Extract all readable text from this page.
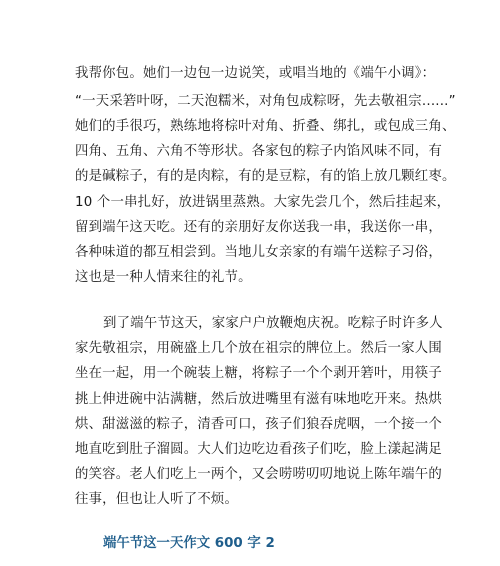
我帮你包。她们一边包一边说笑，或唱当地的《端午小调》：
“一天采箬叶呀，二天泡糯米，对角包成粽呀，先去敬祖宗......”
她们的手很巧，熟练地将棕叶对角、折叠、绑扎，或包成三角、
四角、五角、六角不等形状。各家包的粽子内馅风味不同，有
的是碱粽子，有的是肉粽，有的是豆粽，有的馅上放几颗红枣。
10 个一串扎好，放进锅里蒸熟。大家先尝几个，然后挂起来，
留到端午这天吃。还有的亲朋好友你送我一串，我送你一串，
各种味道的都互相尝到。当地儿女亲家的有端午送粽子习俗，
这也是一种人情来往的礼节。
到了端午节这天，家家户户放鞭炮庆祝。吃粽子时许多人
家先敬祖宗，用碗盛上几个放在祖宗的牌位上。然后一家人围
坐在一起，用一个碗装上糖，将粽子一个个剥开箬叶，用筷子
挑上伸进碗中沾满糖，然后放进嘴里有滋有味地吃开来。热烘
烘、甜滋滋的粽子，清香可口，孩子们狼吞虎咽，一个接一个
地直吃到肚子溜圆。大人们边吃边看孩子们吃，脸上漾起满足
的笑容。老人们吃上一两个，又会唠唠叨叨地说上陈年端午的
往事，但也让人听了不烦。
端午节这一天作文 600 字 2
